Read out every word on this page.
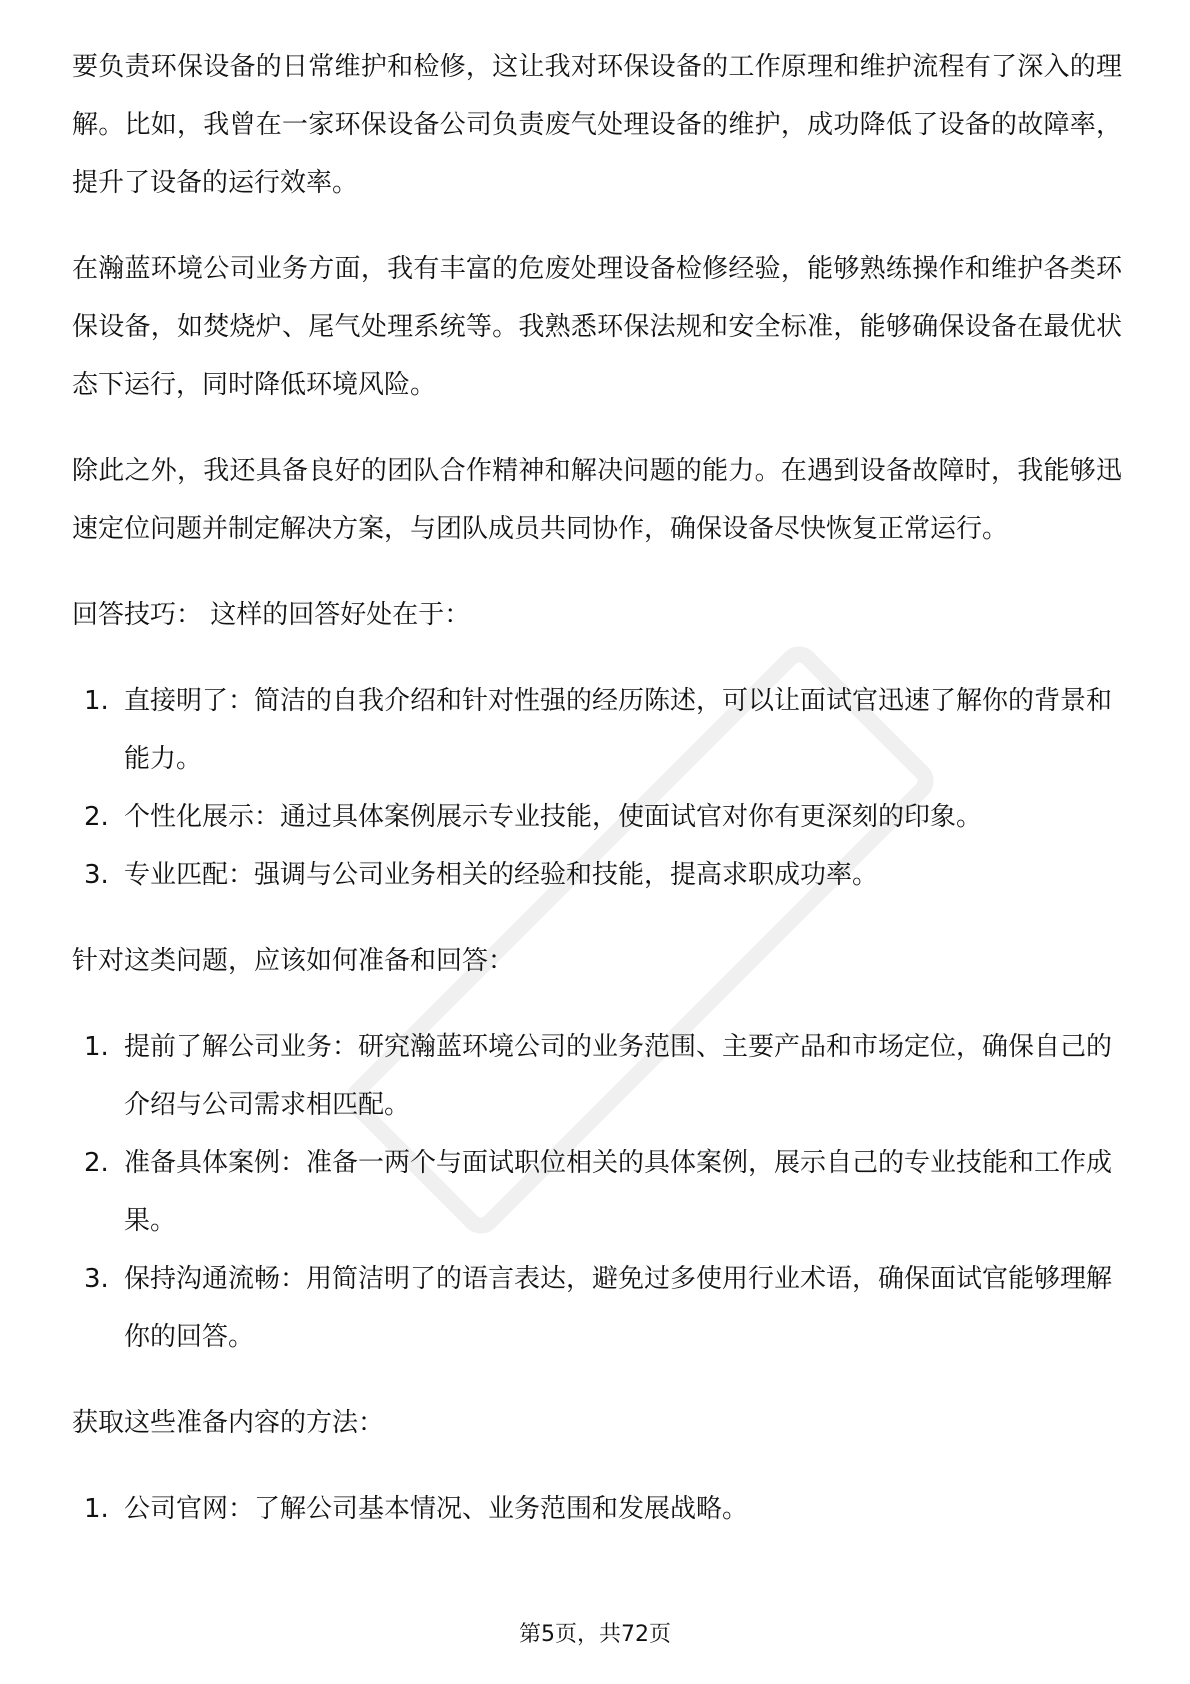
要负责环保设备的日常维护和检修，这让我对环保设备的工作原理和维护流程有了深入的理解。比如，我曾在一家环保设备公司负责废气处理设备的维护，成功降低了设备的故障率，提升了设备的运行效率。

在瀚蓝环境公司业务方面，我有丰富的危废处理设备检修经验，能够熟练操作和维护各类环保设备，如焚烧炉、尾气处理系统等。我熟悉环保法规和安全标准，能够确保设备在最优状态下运行，同时降低环境风险。

除此之外，我还具备良好的团队合作精神和解决问题的能力。在遇到设备故障时，我能够迅速定位问题并制定解决方案，与团队成员共同协作，确保设备尽快恢复正常运行。

回答技巧： 这样的回答好处在于：

1. 直接明了：简洁的自我介绍和针对性强的经历陈述，可以让面试官迅速了解你的背景和能力。
2. 个性化展示：通过具体案例展示专业技能，使面试官对你有更深刻的印象。
3. 专业匹配：强调与公司业务相关的经验和技能，提高求职成功率。

针对这类问题，应该如何准备和回答：

1. 提前了解公司业务：研究瀚蓝环境公司的业务范围、主要产品和市场定位，确保自己的介绍与公司需求相匹配。
2. 准备具体案例：准备一两个与面试职位相关的具体案例，展示自己的专业技能和工作成果。
3. 保持沟通流畅：用简洁明了的语言表达，避免过多使用行业术语，确保面试官能够理解你的回答。

获取这些准备内容的方法：

1. 公司官网：了解公司基本情况、业务范围和发展战略。
第5页，共72页
